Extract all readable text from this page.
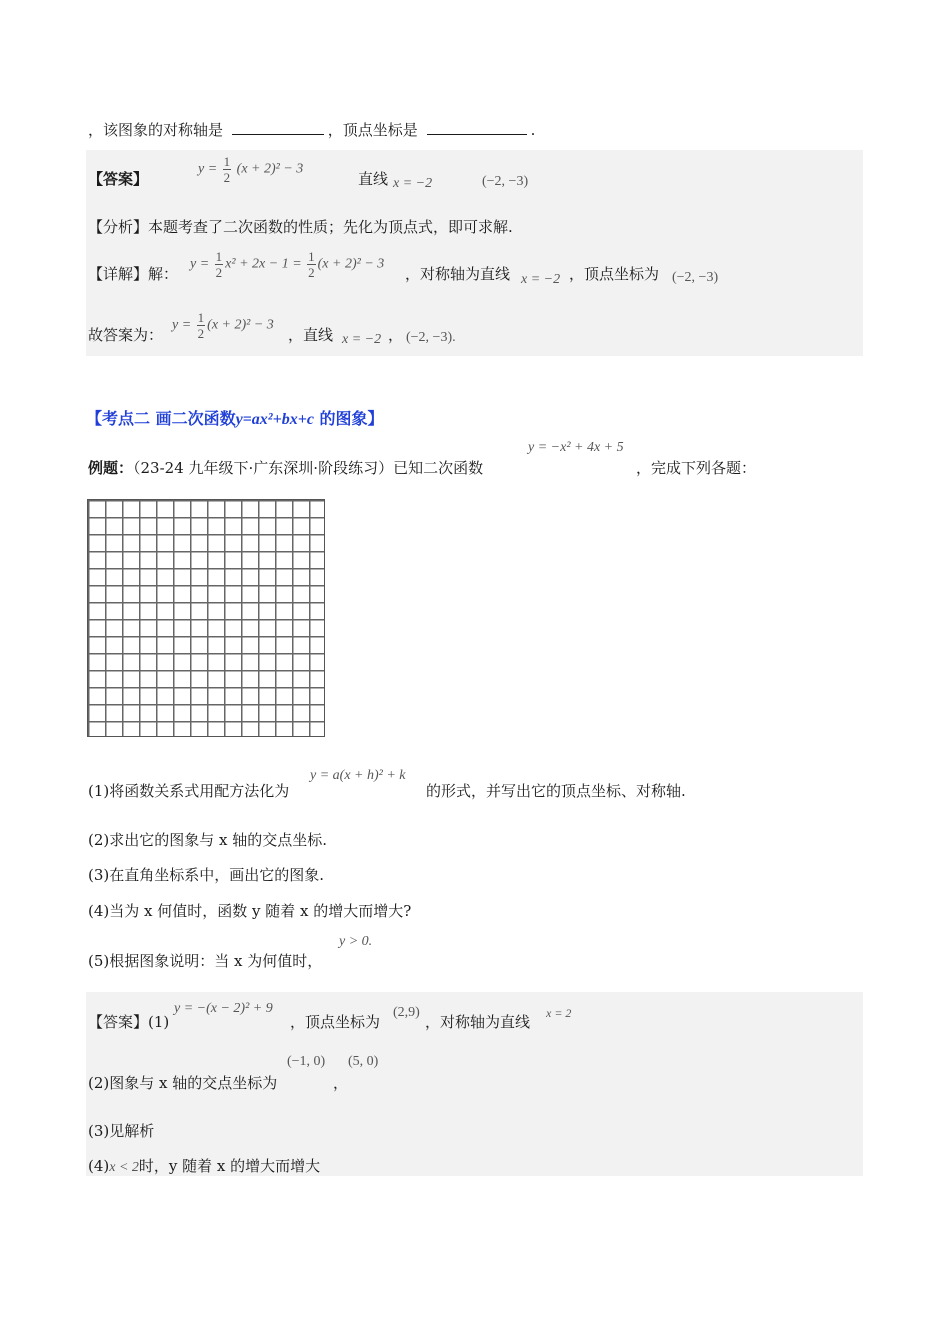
，该图象的对称轴是	，顶点坐标是	.
【答案】
$y = \frac{1}{2} (x + 2)^2 - 3$
直线 x = −2	(−2, −3)
【分析】本题考查了二次函数的性质；先化为顶点式，即可求解.
【详解】解：
$y = \frac{1}{2} x^2 + 2x - 1 = \frac{1}{2} (x + 2)^2 - 3$
，对称轴为直线 x = −2 ，顶点坐标为 (−2, −3)
故答案为：
$y = \frac{1}{2} (x + 2)^2 - 3$
，直线 x = −2 ， (−2, −3).
【考点二 画二次函数y=ax²+bx+c 的图象】
例题：（23-24 九年级下·广东深圳·阶段练习）已知二次函数
y = −x² + 4x + 5
，完成下列各题：
(1)将函数关系式用配方法化为
y = a(x + h)² + k
的形式，并写出它的顶点坐标、对称轴.
(2)求出它的图象与 x 轴的交点坐标.
(3)在直角坐标系中，画出它的图象.
(4)当为 x 何值时，函数 y 随着 x 的增大而增大?
(5)根据图象说明：当 x 为何值时，
y > 0.
【答案】(1)
y = −(x − 2)² + 9
，顶点坐标为
(2,9)
，对称轴为直线 x = 2
(2)图象与 x 轴的交点坐标为
(−1, 0)
，
(5, 0)
(3)见解析
(4)x < 2时，y 随着 x 的增大而增大
